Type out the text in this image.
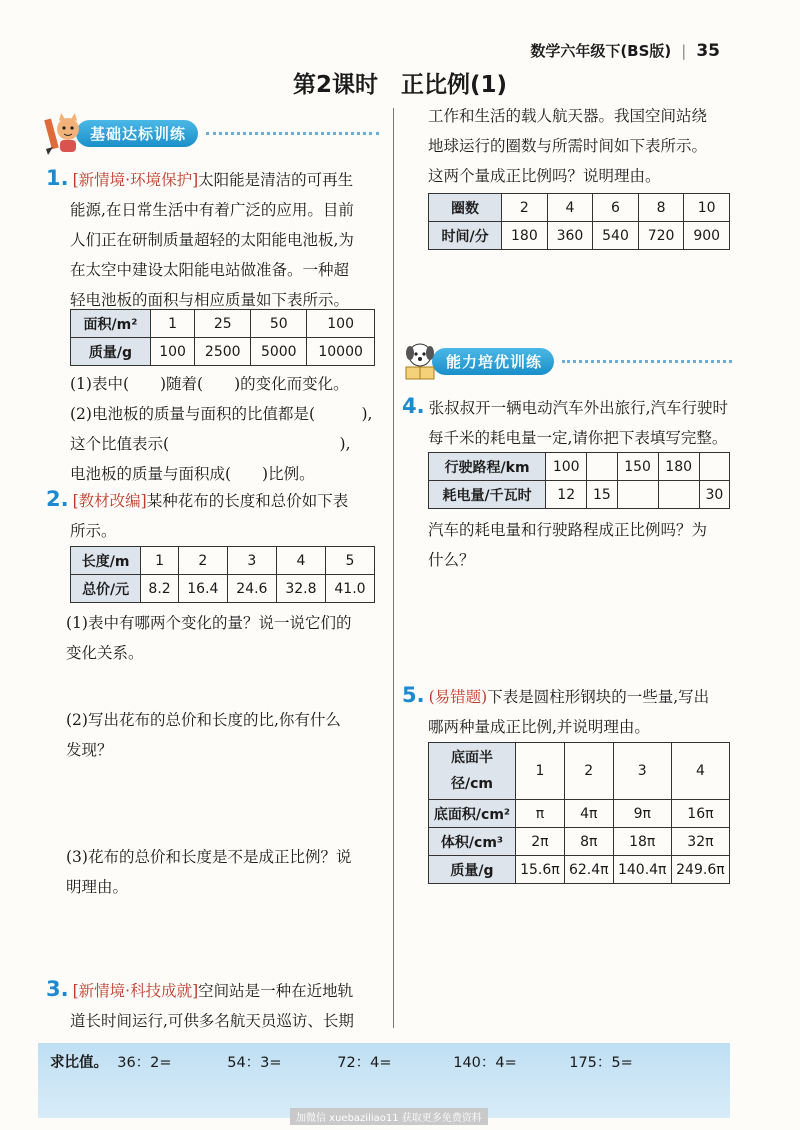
数学六年级下(BS版) | 35
第2课时　正比例(1)
基础达标训练
1. [新情境·环境保护]太阳能是清洁的可再生
能源,在日常生活中有着广泛的应用。目前
人们正在研制质量超轻的太阳能电池板,为
在太空中建设太阳能电站做准备。一种超
轻电池板的面积与相应质量如下表所示。
面积/m²	1	25	50	100
质量/g	100	2500	5000	10000
(1)表中(　　)随着(　　)的变化而变化。
(2)电池板的质量与面积的比值都是(　　　),
这个比值表示(　　　　　　　　　　　),
电池板的质量与面积成(　　)比例。
2. [教材改编]某种花布的长度和总价如下表
所示。
长度/m	1	2	3	4	5
总价/元	8.2	16.4	24.6	32.8	41.0
(1)表中有哪两个变化的量？说一说它们的
变化关系。
(2)写出花布的总价和长度的比,你有什么
发现？
(3)花布的总价和长度是不是成正比例？说
明理由。
3. [新情境·科技成就]空间站是一种在近地轨
道长时间运行,可供多名航天员巡访、长期
工作和生活的载人航天器。我国空间站绕
地球运行的圈数与所需时间如下表所示。
这两个量成正比例吗？说明理由。
圈数	2	4	6	8	10
时间/分	180	360	540	720	900
能力培优训练
4. 张叔叔开一辆电动汽车外出旅行,汽车行驶时
每千米的耗电量一定,请你把下表填写完整。
行驶路程/km	100		150	180	
耗电量/千瓦时	12	15			30
汽车的耗电量和行驶路程成正比例吗？为
什么？
5. (易错题)下表是圆柱形钢块的一些量,写出
哪两种量成正比例,并说明理由。
底面半径/cm	1	2	3	4
底面积/cm²	π	4π	9π	16π
体积/cm³	2π	8π	18π	32π
质量/g	15.6π	62.4π	140.4π	249.6π
求比值。 36：2=	54：3=	72：4=	140：4=	175：5=
加微信 xuebaziliao11 获取更多免费资料
